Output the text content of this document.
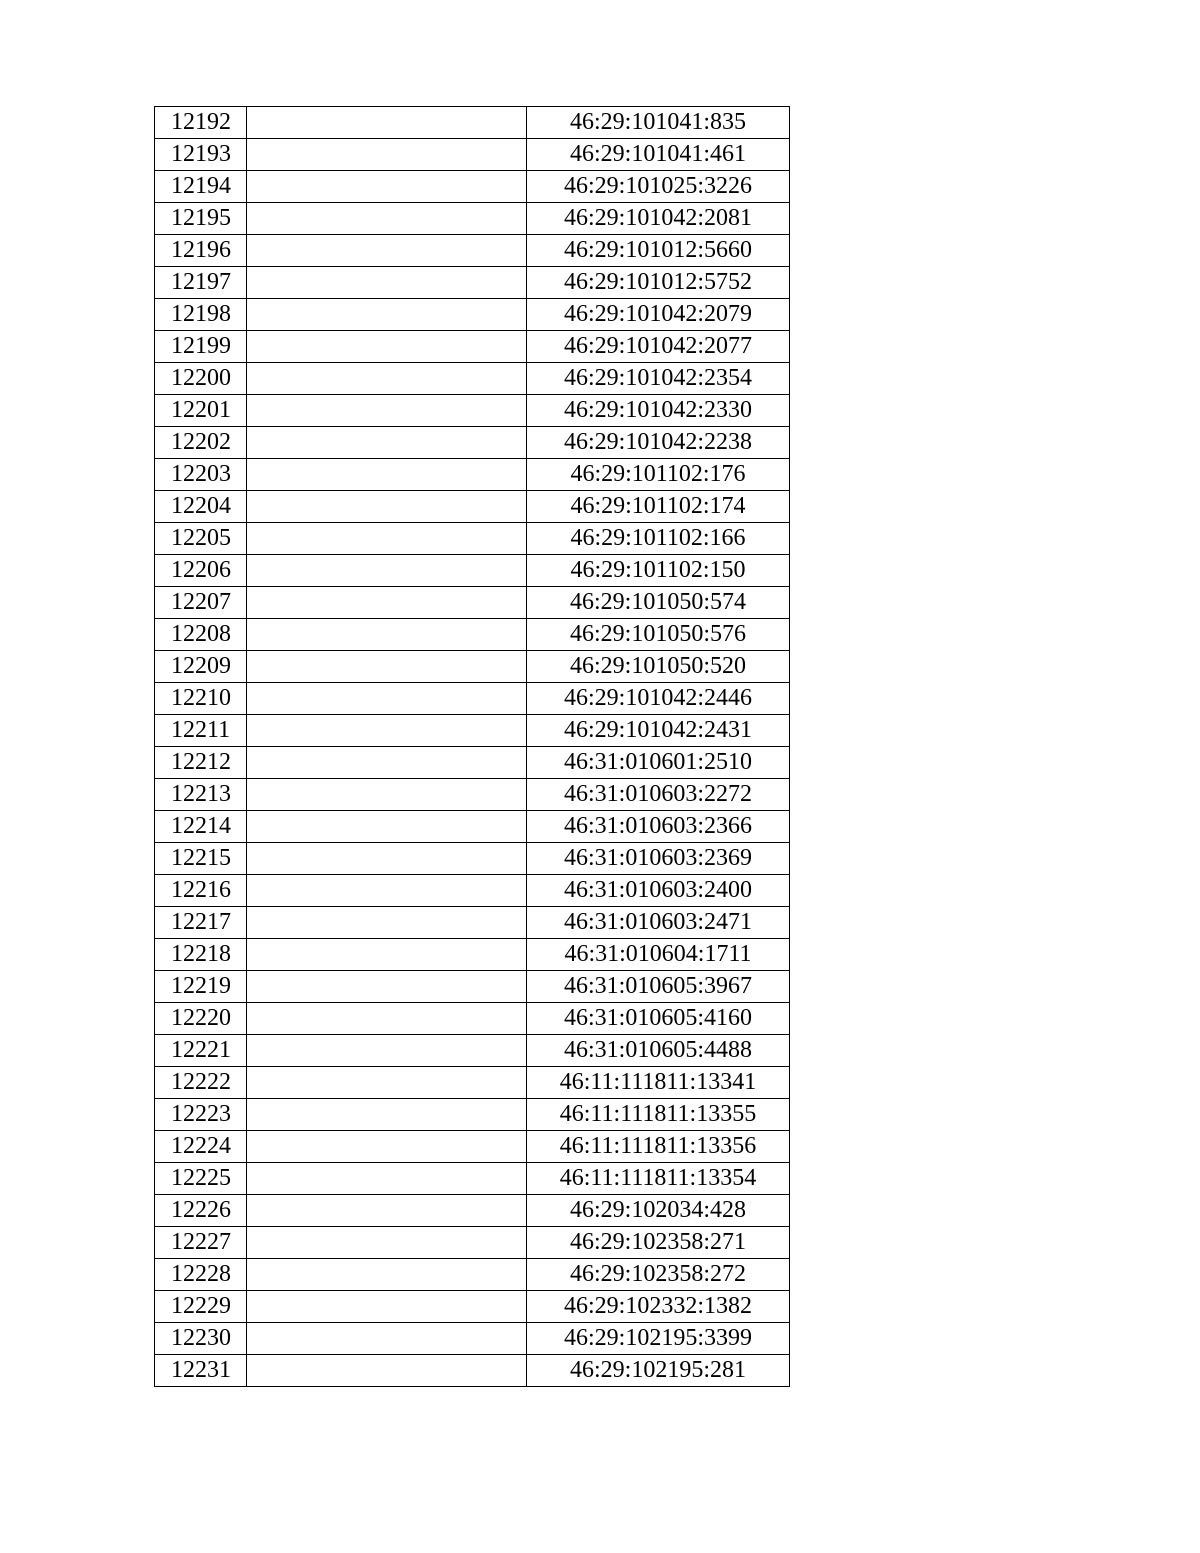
12192		46:29:101041:835
12193		46:29:101041:461
12194		46:29:101025:3226
12195		46:29:101042:2081
12196		46:29:101012:5660
12197		46:29:101012:5752
12198		46:29:101042:2079
12199		46:29:101042:2077
12200		46:29:101042:2354
12201		46:29:101042:2330
12202		46:29:101042:2238
12203		46:29:101102:176
12204		46:29:101102:174
12205		46:29:101102:166
12206		46:29:101102:150
12207		46:29:101050:574
12208		46:29:101050:576
12209		46:29:101050:520
12210		46:29:101042:2446
12211		46:29:101042:2431
12212		46:31:010601:2510
12213		46:31:010603:2272
12214		46:31:010603:2366
12215		46:31:010603:2369
12216		46:31:010603:2400
12217		46:31:010603:2471
12218		46:31:010604:1711
12219		46:31:010605:3967
12220		46:31:010605:4160
12221		46:31:010605:4488
12222		46:11:111811:13341
12223		46:11:111811:13355
12224		46:11:111811:13356
12225		46:11:111811:13354
12226		46:29:102034:428
12227		46:29:102358:271
12228		46:29:102358:272
12229		46:29:102332:1382
12230		46:29:102195:3399
12231		46:29:102195:281
